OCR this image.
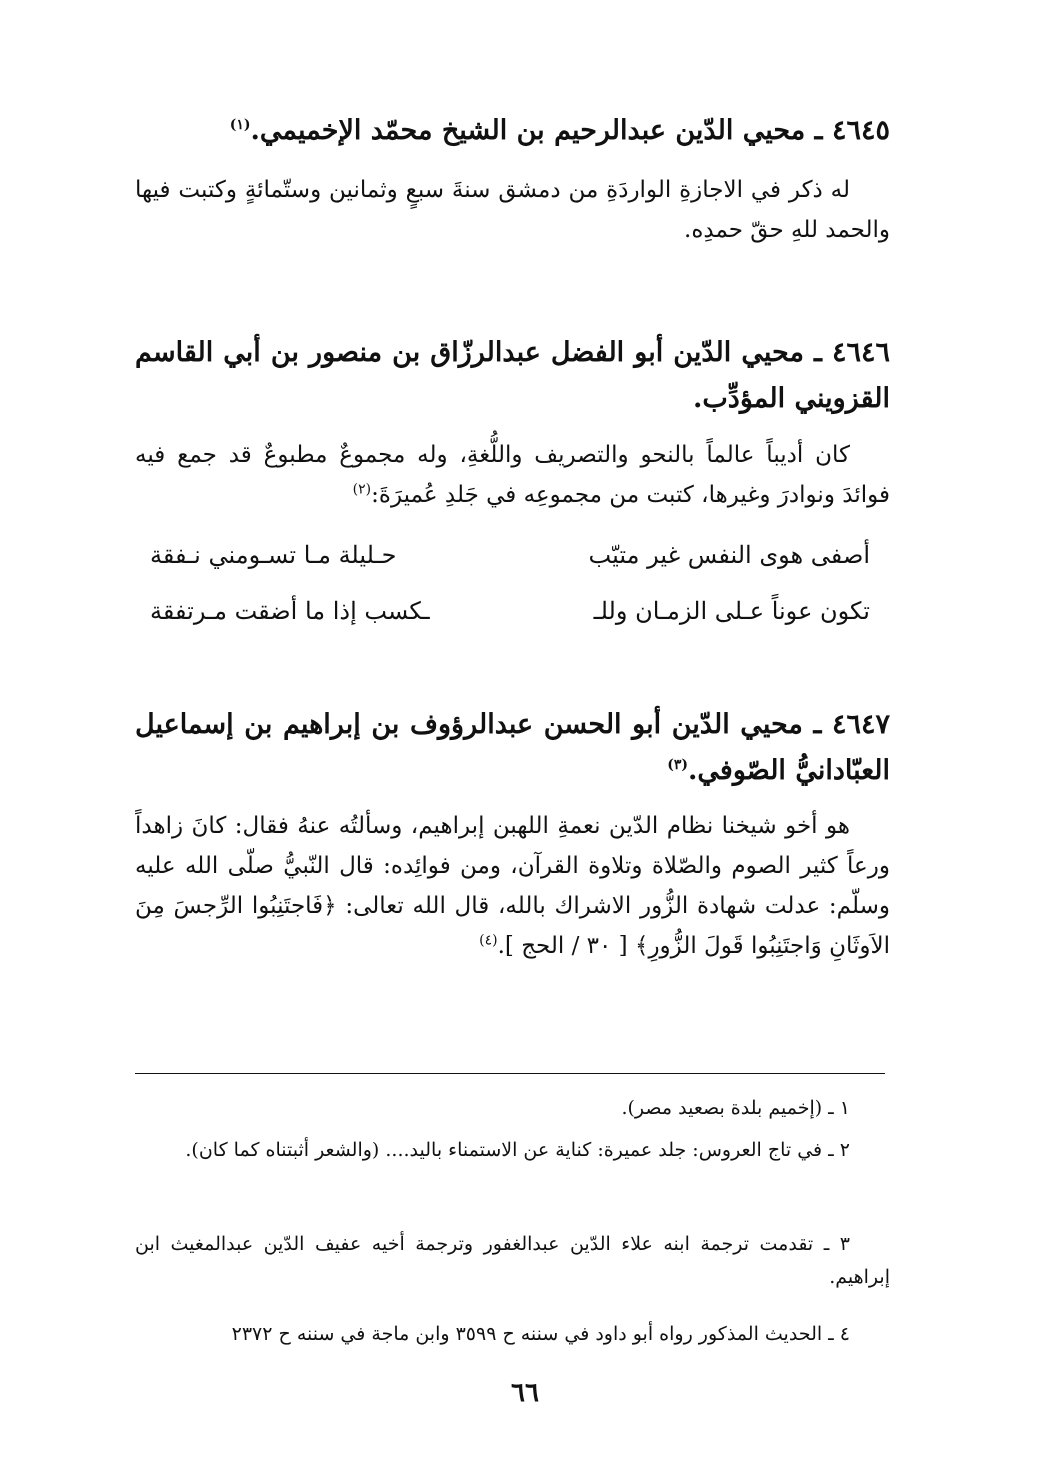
٤٦٤٥ ـ محيي الدّين عبدالرحيم بن الشيخ محمّد الإخميمي.$^{(١)}$
له ذكر في الاجازةِ الواردَةِ من دمشق سنةَ سبعٍ وثمانين وستّمائةٍ وكتبت فيها والحمد للهِ حقّ حمدِه.
٤٦٤٦ ـ محيي الدّين أبو الفضل عبدالرزّاق بن منصور بن أبي القاسم القزويني المؤدِّب.
كان أديباً عالماً بالنحو والتصريف واللُّغةِ، وله مجموعٌ مطبوعٌ قد جمع فيه فوائدَ ونوادرَ وغيرها، كتبت من مجموعِه في جَلدِ عُميرَةَ:$^{(٢)}$
أصفى هوى النفس غير متيّب
حـليلة مـا تسـومني نـفقة
تكون عوناً عـلى الزمـان وللـ
ـكسب إذا ما أضقت مـرتفقة
٤٦٤٧ ـ محيي الدّين أبو الحسن عبدالرؤوف بن إبراهيم بن إسماعيل العبّادانيُّ الصّوفي.$^{(٣)}$
هو أخو شيخنا نظام الدّين نعمةِ اللهبن إبراهيم، وسألتُه عنهُ فقال: كانَ زاهداً ورعاً كثير الصوم والصّلاة وتلاوة القرآن، ومن فوائِده: قال النّبيُّ صلّى الله عليه وسلّم: عدلت شهادة الزُّور الاشراك بالله، قال الله تعالى: ﴿فَاجتَنِبُوا الرِّجسَ مِنَ الاَوثَانِ وَاجتَنِبُوا قَولَ الزُّورِ﴾ [ ٣٠ / الحج ].$^{(٤)}$
١ ـ (إخميم بلدة بصعيد مصر).
٢ ـ في تاج العروس: جلد عميرة: كناية عن الاستمناء باليد.... (والشعر أثبتناه كما كان).
٣ ـ تقدمت ترجمة ابنه علاء الدّين عبدالغفور وترجمة أخيه عفيف الدّين عبدالمغيث ابن إبراهيم.
٤ ـ الحديث المذكور رواه أبو داود في سننه ح ٣٥٩٩ وابن ماجة في سننه ح ٢٣٧٢
٦٦
